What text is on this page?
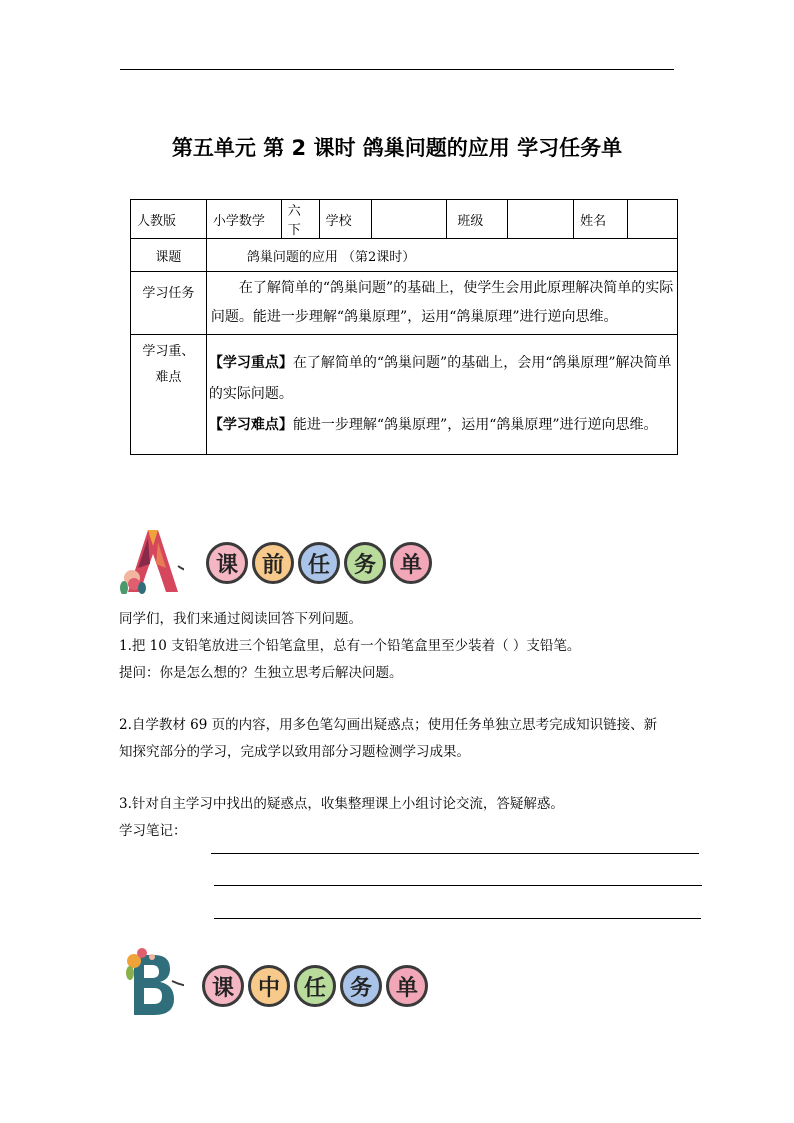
第五单元 第 2 课时 鸽巢问题的应用 学习任务单
人教版	小学数学	六下	学校		班级		姓名	
课题	鸽巢问题的应用 （第2课时）							
学习任务	在了解简单的“鸽巢问题”的基础上，使学生会用此原理解决简单的实际问题。能进一步理解“鸽巢原理”，运用“鸽巢原理”进行逆向思维。							
学习重、难点	【学习重点】在了解简单的“鸽巢问题”的基础上，会用“鸽巢原理”解决简单的实际问题。
【学习难点】能进一步理解“鸽巢原理”，运用“鸽巢原理”进行逆向思维。							
课	前	任	务	单
同学们，我们来通过阅读回答下列问题。
1.把 10 支铅笔放进三个铅笔盒里，总有一个铅笔盒里至少装着（ ）支铅笔。
提问：你是怎么想的？生独立思考后解决问题。
2.自学教材 69 页的内容，用多色笔勾画出疑惑点；使用任务单独立思考完成知识链接、新
知探究部分的学习，完成学以致用部分习题检测学习成果。
3.针对自主学习中找出的疑惑点，收集整理课上小组讨论交流，答疑解惑。
学习笔记：
课	中	任	务	单
